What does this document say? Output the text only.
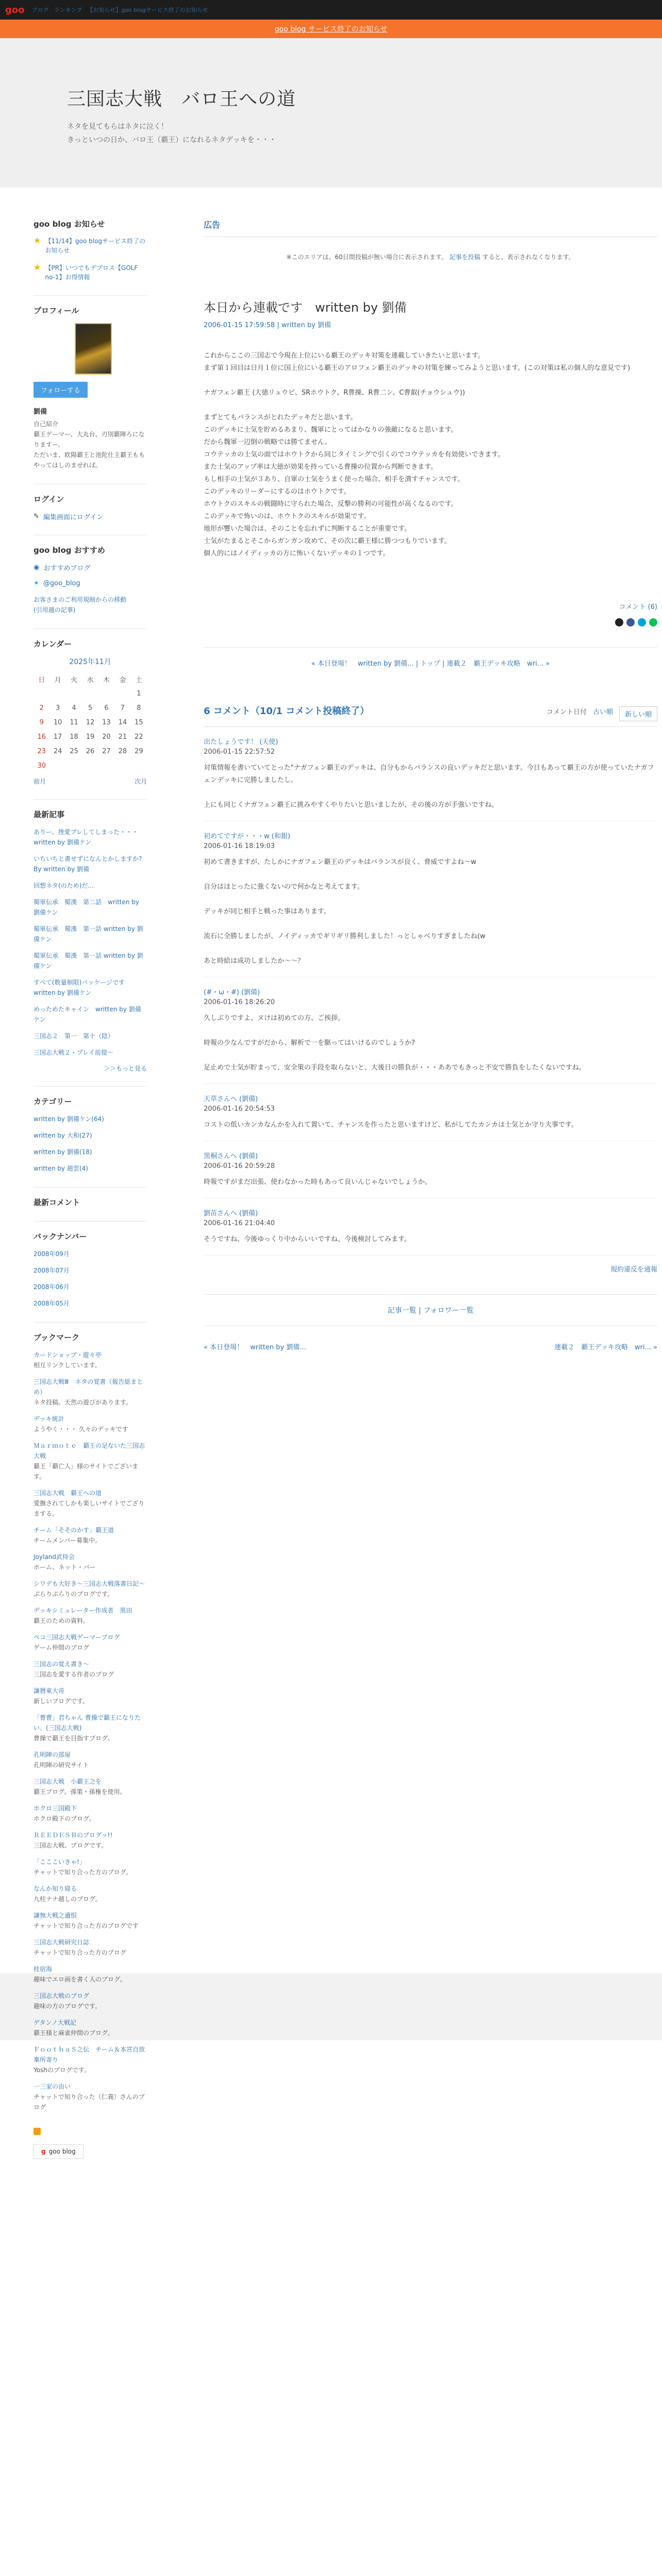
goo ブログ ランキング 【お知らせ】goo blogサービス終了のお知らせ
goo blog サービス終了のお知らせ
三国志大戦　バロ王への道

ネタを見てもらはネタに泣く！
きっといつの日か、バロ王（覇王）になれるネタデッキを・・・

goo blog お知らせ
★ 【11/14】goo blogサービス終了のお知らせ
★ 【PR】いつでもデプロス【GOLF no-1】お得情報
プロフィール
フォローする
劉備
自己紹介
覇王ゲーマー、大丸台、刃別覇陣ろになりますー。
ただいま、欧陽覇王と池陀仕主覇王ももやってはしのませれば。
ログイン
✎ 編集画面にログイン
goo blog おすすめ
◉ おすすめブログ
✦ @goo_blog
お客さまのご利用規制からの移動
(引用週の記事)
カレンダー
2025年11月
日	月	火	水	木	金	土
						1
2	3	4	5	6	7	8
9	10	11	12	13	14	15
16	17	18	19	20	21	22
23	24	25	26	27	28	29
30						
前月	次月
最新記事
ありー、挫愛プレしてしまった・・・ written by 劉備ケン
いちいちと書せずになんとかしますか? By written by 劉備
回想ネタ(のため)だ...
蜀軍伝承　蜀漢　第二話　written by 劉備ケン
蜀軍伝承　蜀漢　第一話 written by 劉備ケン
蜀軍伝承　蜀漢　第一話 written by 劉備ケン
すべて(数量制限)パッケージです written by 劉備ケン
めっためたキャイン　written by 劉備ケン
三国志２　第一　第十（陰）
三国志大戦２・プレイ前提〜
＞＞もっと見る
カテゴリー
written by 劉備ケン(64)
written by 大和(27)
written by 劉備(18)
written by 趙雲(4)
最新コメント
バックナンバー
2008年09月
2008年07月
2008年06月
2008年05月
ブックマーク
カードショップ・遊々亭
相互リンクしています。
三国志大戦Ⅲ　ネタの覚書（報告総まとめ）
ネタ投稿。天然の遊びがあります。
デッキ統計
ようやく・・・ 久々のデッキです
Ｍａｒｍｏｔｅ　覇王の足ないた三国志大戦
覇王「覇亡人」様のサイトでございます。
三国志大戦　覇王への道
愛撫されてしかも楽しいサイトでござりまする。
チーム「そそのかす」覇王道
チームメンバー募集中。
Joyland武侍会
ホーム、ネット・バー
シワデも大好き〜三国志大戦落書日記〜
ぶらりぶらりのブログです。
デッキシミュレーター作成者　黒田
覇王のための資料。
ペコ三国志大戦ゲーマーブログ
ゲーム仲間のブログ
三国志の覚え書き〜
三国志を愛する作者のブログ
謙暦東大帝
新しいブログです。
「曹曹」君ちゃん 曹操で覇王になりたい。(三国志大戦)
曹操で覇王を目指すブログ。
孔明陣の部屋
孔明陣の研究サイト
三国志大戦　小覇王之を
覇王ブログ。孫策・孫権を使用。
ホクロ三国殿下
ホクロ殿下のブログ。
ＲＥＥＤＥＳＢのブログッ!!
三国志大戦、ブログです。
「こここいきゃ!」
チャットで知り合った方のブログ。
なんか知り寝る
九柱ナナ越しのブログ。
謙無大戦之遺恨
チャットで知り合った方のブログです
三国志大戦研究日誌
チャットで知り合った方のブログ
桂宿海
趣味でエロ画を書く人のブログ。
三国志大戦のブログ
趣味の方のブログです。
ゲタンノ大戦記
覇王様と麻雀仲間のブログ。
ＦｏｏｔｈａＳ之伝　チーム＆本宮自放棄所寄り
Yoshのブログです。
一三家の由い
チャットで知り合った（仁義）さんのブログ

g goo blog
広告
※このエリアは、60日間投稿が無い場合に表示されます。 記事を投稿 すると、表示されなくなります。
本日から連載です　written by 劉備
2006-01-15 17:59:58 | written by 劉備

これからここの三国志で今現在上位にいる覇王のデッキ対策を連載していきたいと思います。

まず第１回目は日月１位に国上位にいる覇王のアロフェン覇王のデッキの対策を練ってみようと思います。(この対策は私の個人的な意見です)

ナガフェン覇王 (大徳リュウビ、SRホウトク、R曹操、R曹二ン、C曹叡(チョウシュウ))

まずとてもバランスがとれたデッキだと思います。

このデッキに士気を貯めるあまり、魏軍にとってはかなりの強敵になると思います。

だから魏軍一辺倒の戦略では勝てません。

コウテッカの士気の面ではホウトクから同じタイミングで引くのでコウテッカを有効使いできます。

また士気のアップ率は大徳が効果を持っている曹操の位置から判断できます。

もし相手の士気が３あり、自軍の士気をうまく使った場合、相手を潰すチャンスです。

このデッキのリーダーにするのはホウトクです。

ホウトクのスキルの戦闘時に守られた場合、反撃の勝利の可能性が高くなるのです。

このデッキで怖いのは、ホウトクのスキルが効果です。

地形が響いた場合は、そのことを忘れずに判断することが重要です。

士気がたまるとそこからガンガン攻めて、その次に覇王様に勝つつもりでいます。

個人的にはノイディッカの方に怖いくないデッキの１つです。

コメント (6)
« 本日登場！　written by 劉備... | トップ | 連載２　覇王デッキ攻略　wri... »
6 コメント（10/1 コメント投稿終了）	コメント日付 古い順	新しい順
出たしょうです！ (天使)
2006-01-15 22:57:52
対策情報を書いていてとった"ナガフェン覇王のデッキは、自分もからバランスの良いデッキだと思います。今日もあって覇王の方が使っていたナガフェンデッキに完勝しましたし。

上にも同じくナガフェン覇王に挑みやすくやりたいと思いましたが、その後の方が手強いですね。
初めてですが・・・w (和銀)
2006-01-16 18:19:03
初めて書きますが、たしかにナガフェン覇王のデッキはバランスが良く、脅威ですよね〜w

自分はほとったに強くないので何かなと考えてます。

デッキが同じ相手と戦った事はあります。

流石に全勝しましたが、ノイディッカでギリギリ勝利しました！っとしゃべりすぎましたね(w

あと時給は成功しましたか〜〜？
(#・ω・#) (劉備)
2006-01-16 18:26:20
久しぶりですよ、ヌけは初めての方、ご挨拶。

時報の少なんですがだから、解析で一を駆ってはいけるのでしょうか?

足止めで士気が貯まって、安全策の手段を取らないと、大後日の勝負が・・・ああでもきっと不安で勝負をしたくないですね。
天草さんへ (劉備)
2006-01-16 20:54:53
コストの低いカンカなんかを入れて置いて、チャンスを作ったと思いますけど、私がしてたカンカは士気とか守り大事です。
黒桐さんへ (劉備)
2006-01-16 20:59:28
時報ですがまだ出張、使わなかった時もあって良いんじゃないでしょうか。
劉苗さんへ (劉備)
2006-01-16 21:04:40
そうですね、今後ゆっくり中からいいですね。今後検討してみます。
規約違反を通報
記事一覧 | フォロワー一覧
« 本日登場！　written by 劉備...	連載２　覇王デッキ攻略　wri... »
